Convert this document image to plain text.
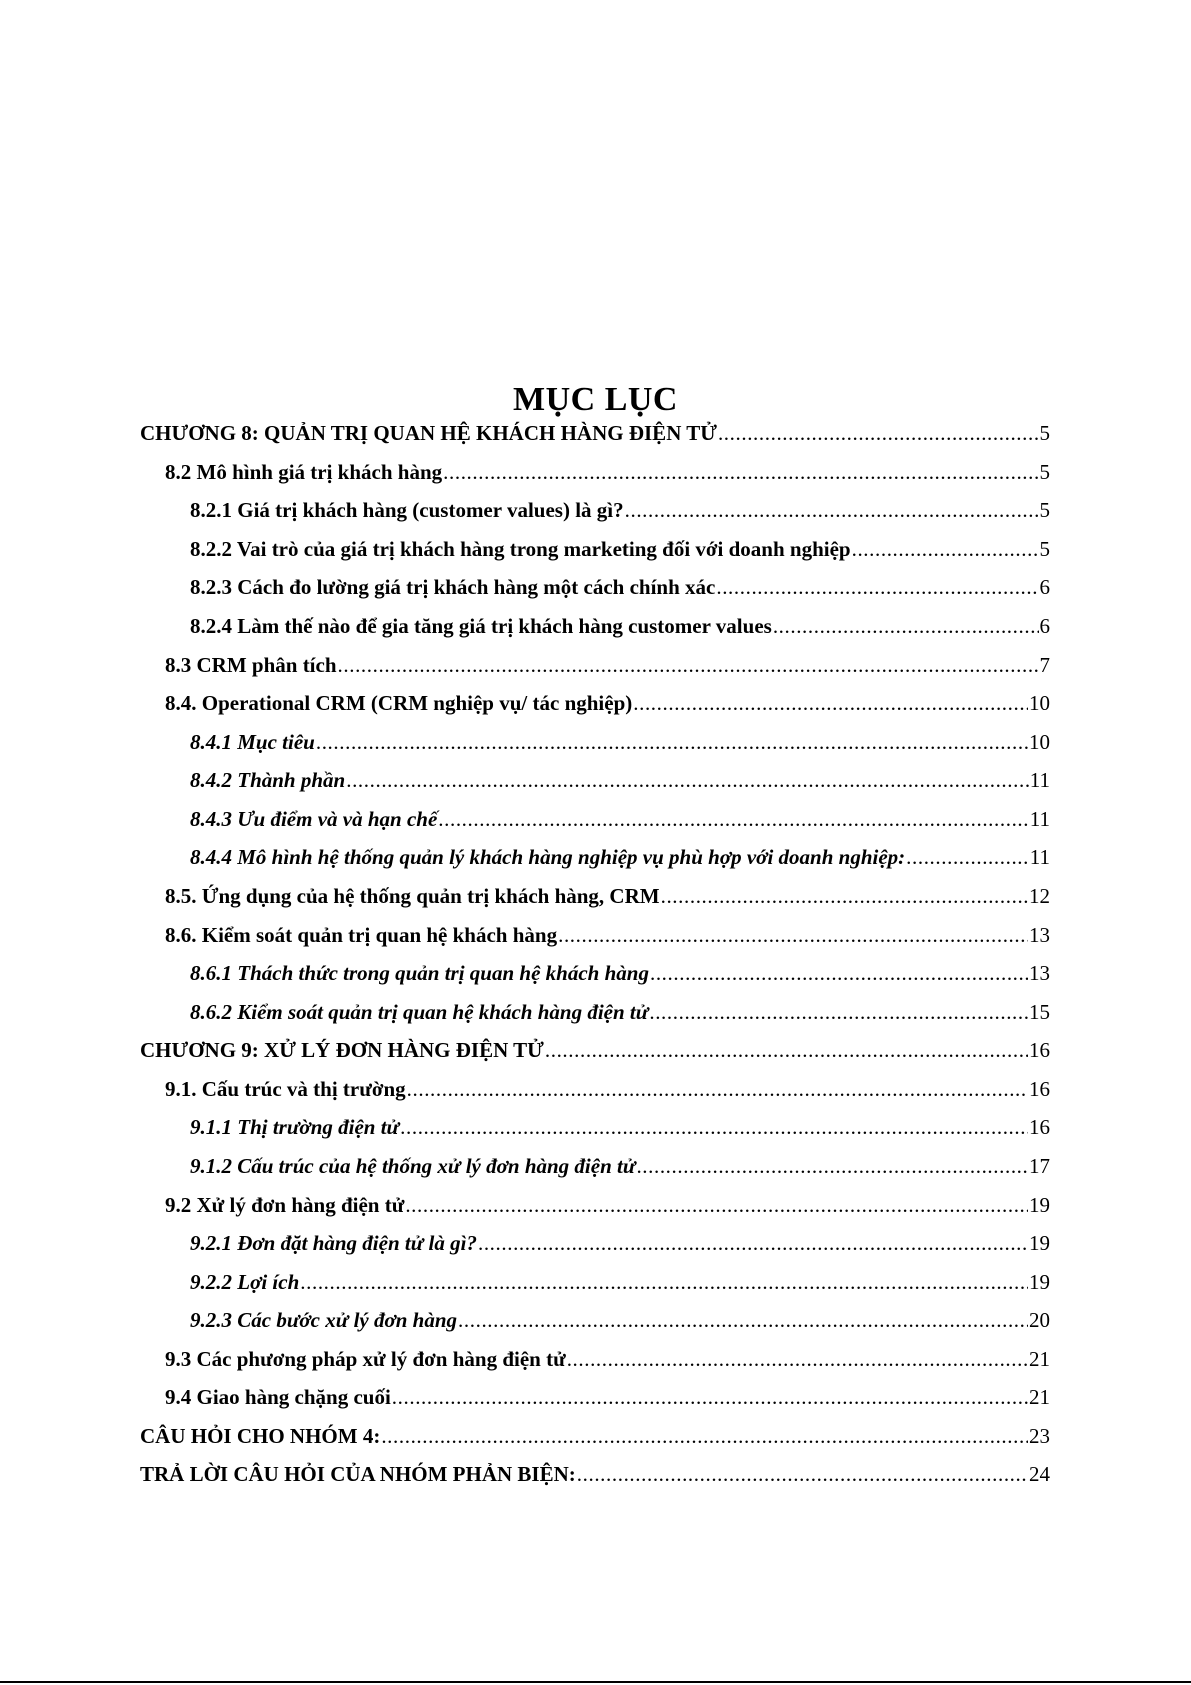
MỤC LỤC
CHƯƠNG 8: QUẢN TRỊ QUAN HỆ KHÁCH HÀNG ĐIỆN TỬ .....	5
8.2 Mô hình giá trị khách hàng .....	5
8.2.1 Giá trị khách hàng (customer values) là gì? .....	5
8.2.2 Vai trò của giá trị khách hàng trong marketing đối với doanh nghiệp .....	5
8.2.3 Cách đo lường giá trị khách hàng một cách chính xác .....	6
8.2.4 Làm thế nào để gia tăng giá trị khách hàng customer values .....	6
8.3 CRM phân tích .....	7
8.4. Operational CRM (CRM nghiệp vụ/ tác nghiệp) .....	10
8.4.1 Mục tiêu .....	10
8.4.2 Thành phần .....	11
8.4.3 Ưu điểm và và hạn chế .....	11
8.4.4 Mô hình hệ thống quản lý khách hàng nghiệp vụ phù hợp với doanh nghiệp: .....	11
8.5. Ứng dụng của hệ thống quản trị khách hàng, CRM .....	12
8.6. Kiểm soát quản trị quan hệ khách hàng .....	13
8.6.1 Thách thức trong quản trị quan hệ khách hàng .....	13
8.6.2 Kiểm soát quản trị quan hệ khách hàng điện tử .....	15
CHƯƠNG 9: XỬ LÝ ĐƠN HÀNG ĐIỆN TỬ .....	16
9.1. Cấu trúc và thị trường .....	16
9.1.1 Thị trường điện tử .....	16
9.1.2 Cấu trúc của hệ thống xử lý đơn hàng điện tử .....	17
9.2 Xử lý đơn hàng điện tử .....	19
9.2.1 Đơn đặt hàng điện tử là gì? .....	19
9.2.2 Lợi ích .....	19
9.2.3 Các bước xử lý đơn hàng .....	20
9.3 Các phương pháp xử lý đơn hàng điện tử .....	21
9.4 Giao hàng chặng cuối .....	21
CÂU HỎI CHO NHÓM 4: .....	23
TRẢ LỜI CÂU HỎI CỦA NHÓM PHẢN BIỆN: .....	24
